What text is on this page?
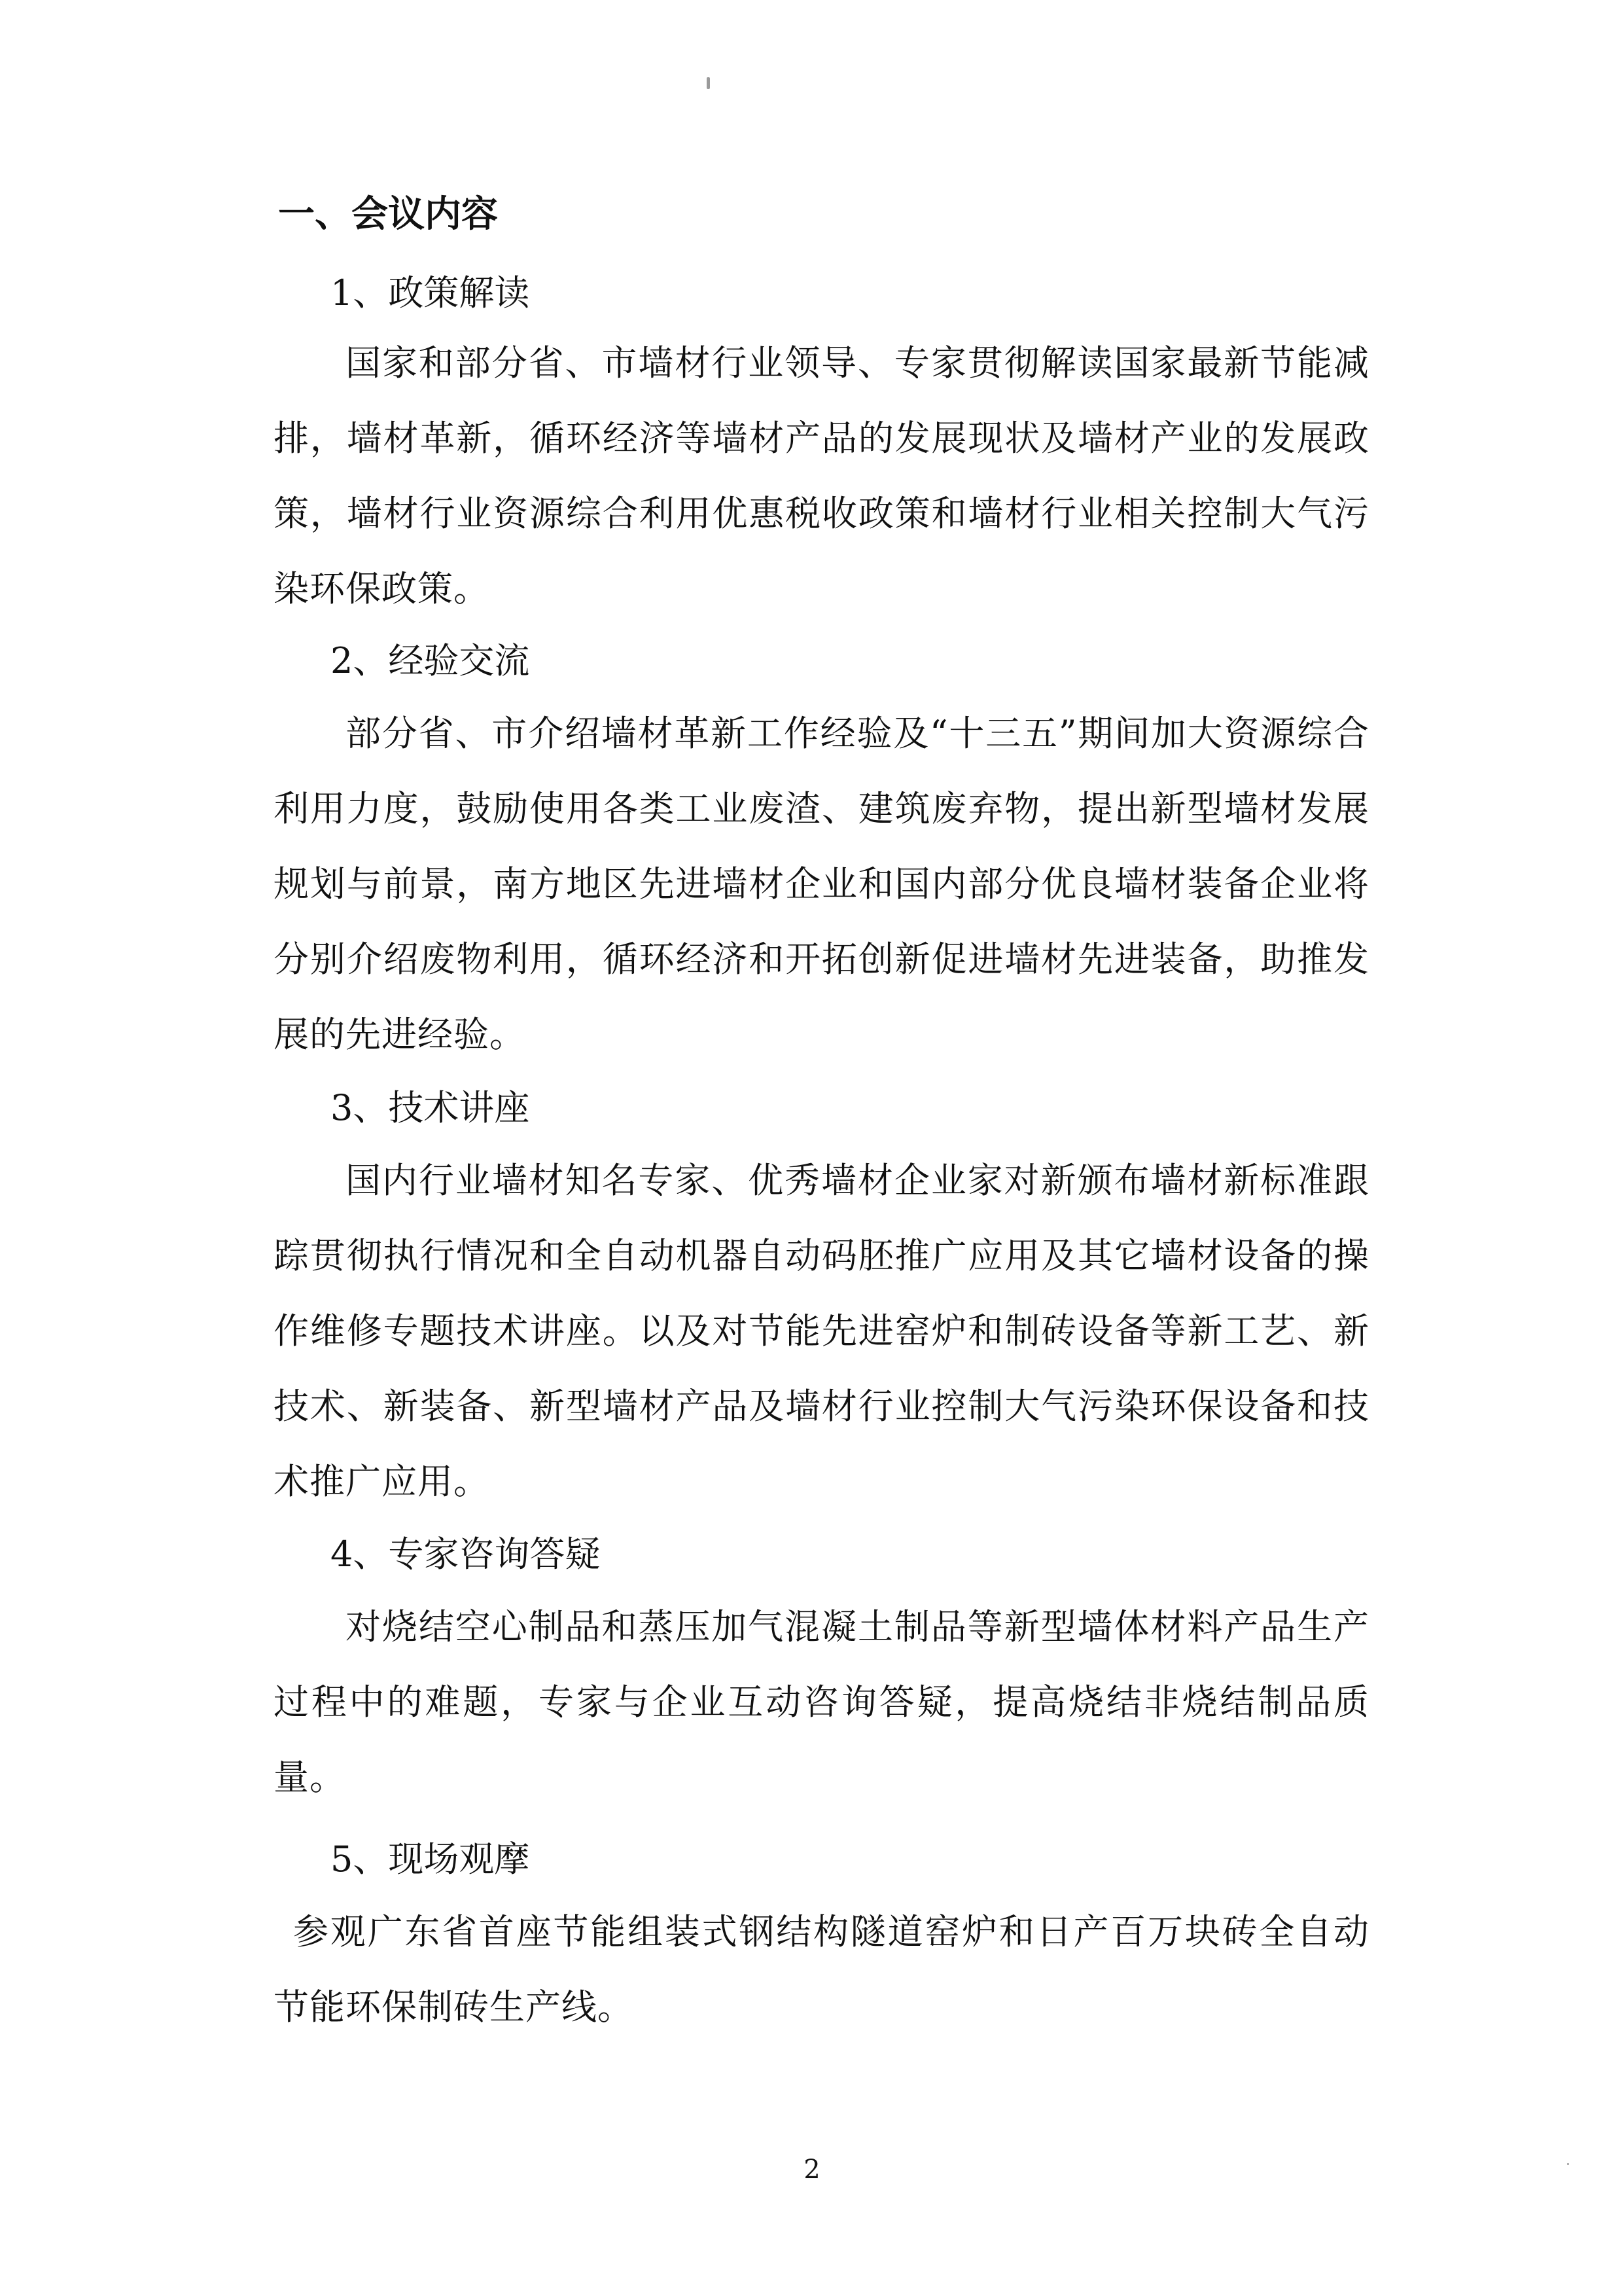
一、会议内容

1、政策解读

国家和部分省、市墙材行业领导、专家贯彻解读国家最新节能减排，墙材革新，循环经济等墙材产品的发展现状及墙材产业的发展政策，墙材行业资源综合利用优惠税收政策和墙材行业相关控制大气污染环保政策。

2、经验交流

部分省、市介绍墙材革新工作经验及“十三五”期间加大资源综合利用力度，鼓励使用各类工业废渣、建筑废弃物，提出新型墙材发展规划与前景，南方地区先进墙材企业和国内部分优良墙材装备企业将分别介绍废物利用，循环经济和开拓创新促进墙材先进装备，助推发展的先进经验。

3、技术讲座

国内行业墙材知名专家、优秀墙材企业家对新颁布墙材新标准跟踪贯彻执行情况和全自动机器自动码胚推广应用及其它墙材设备的操作维修专题技术讲座。以及对节能先进窑炉和制砖设备等新工艺、新技术、新装备、新型墙材产品及墙材行业控制大气污染环保设备和技术推广应用。

4、专家咨询答疑

对烧结空心制品和蒸压加气混凝土制品等新型墙体材料产品生产过程中的难题，专家与企业互动咨询答疑，提高烧结非烧结制品质量。

5、现场观摩

参观广东省首座节能组装式钢结构隧道窑炉和日产百万块砖全自动节能环保制砖生产线。

2
